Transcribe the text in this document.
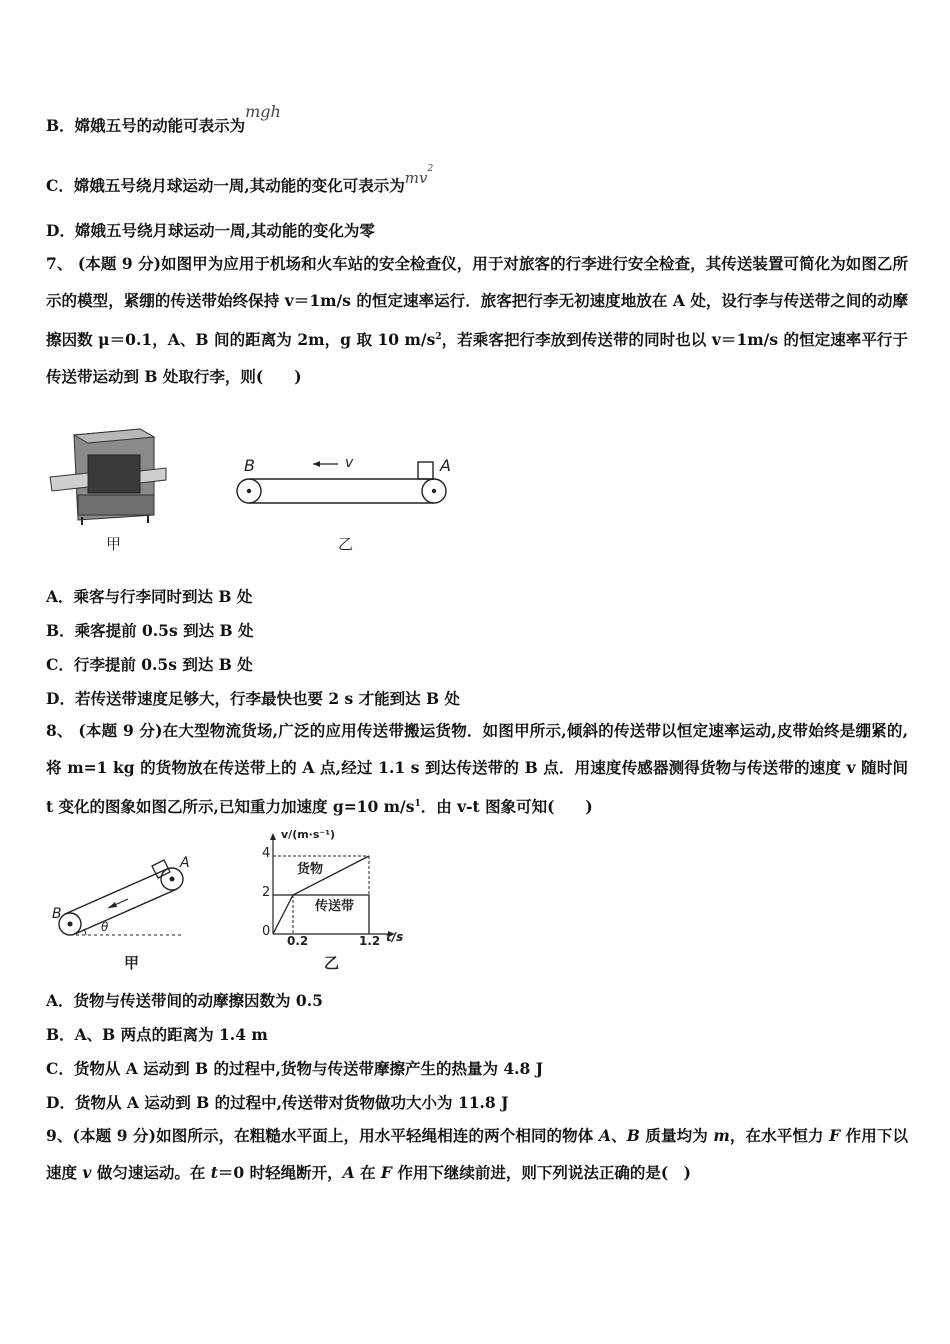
B．嫦娥五号的动能可表示为mgh
C．嫦娥五号绕月球运动一周,其动能的变化可表示为$mv^2$
D．嫦娥五号绕月球运动一周,其动能的变化为零
7、 (本题 9 分)如图甲为应用于机场和火车站的安全检查仪，用于对旅客的行李进行安全检查，其传送装置可简化为如图乙所示的模型，紧绷的传送带始终保持 v＝1m/s 的恒定速率运行．旅客把行李无初速度地放在 A 处，设行李与传送带之间的动摩擦因数 μ＝0.1，A、B 间的距离为 2m，g 取 10 $m/s^2$，若乘客把行李放到传送带的同时也以 v＝1m/s 的恒定速率平行于传送带运动到 B 处取行李，则(　　)
甲
B	A
v
乙
A．乘客与行李同时到达 B 处
B．乘客提前 0.5s 到达 B 处
C．行李提前 0.5s 到达 B 处
D．若传送带速度足够大，行李最快也要 2 s 才能到达 B 处
8、 (本题 9 分)在大型物流货场,广泛的应用传送带搬运货物．如图甲所示,倾斜的传送带以恒定速率运动,皮带始终是绷紧的,将 m=1 kg 的货物放在传送带上的 A 点,经过 1.1 s 到达传送带的 B 点．用速度传感器测得货物与传送带的速度 v 随时间 t 变化的图象如图乙所示,已知重力加速度 g=10 $m/s^1$．由 v-t 图象可知(　　)
A
B
θ
甲
v/(m·s⁻¹)
t/s
货物
传送带
4
2
0
0.2	1.2
乙
A．货物与传送带间的动摩擦因数为 0.5
B．A、B 两点的距离为 1.4 m
C．货物从 A 运动到 B 的过程中,货物与传送带摩擦产生的热量为 4.8 J
D．货物从 A 运动到 B 的过程中,传送带对货物做功大小为 11.8 J
9、(本题 9 分)如图所示，在粗糙水平面上，用水平轻绳相连的两个相同的物体 A、B 质量均为 m，在水平恒力 F 作用下以速度 v 做匀速运动。在 t＝0 时轻绳断开，A 在 F 作用下继续前进，则下列说法正确的是(　)
